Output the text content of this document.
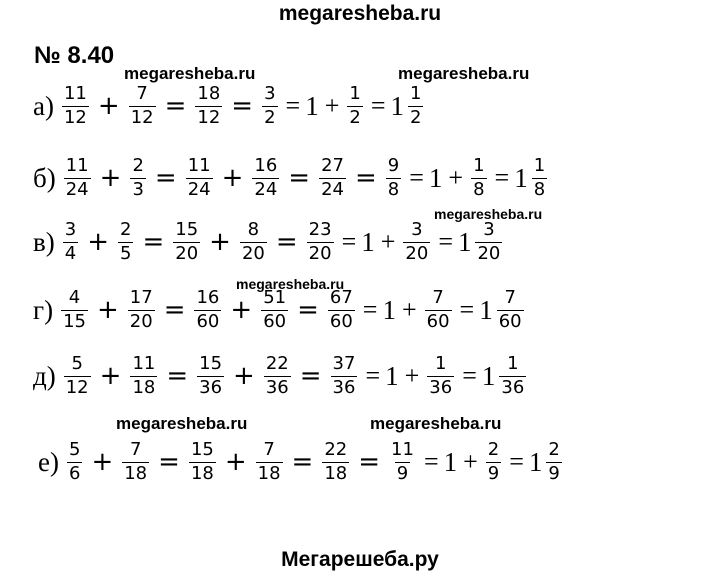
megaresheba.ru
№ 8.40
megaresheba.ru	megaresheba.ru
megaresheba.ru
megaresheba.ru
megaresheba.ru	megaresheba.ru
$а) \frac{11}{12} + \frac{7}{12} = \frac{18}{12} = \frac{3}{2} = 1 + \frac{1}{2} = 1 \frac{1}{2}$
$б) \frac{11}{24} + \frac{2}{3} = \frac{11}{24} + \frac{16}{24} = \frac{27}{24} = \frac{9}{8} = 1 + \frac{1}{8} = 1 \frac{1}{8}$
$в) \frac{3}{4} + \frac{2}{5} = \frac{15}{20} + \frac{8}{20} = \frac{23}{20} = 1 + \frac{3}{20} = 1 \frac{3}{20}$
$г) \frac{4}{15} + \frac{17}{20} = \frac{16}{60} + \frac{51}{60} = \frac{67}{60} = 1 + \frac{7}{60} = 1 \frac{7}{60}$
$д) \frac{5}{12} + \frac{11}{18} = \frac{15}{36} + \frac{22}{36} = \frac{37}{36} = 1 + \frac{1}{36} = 1 \frac{1}{36}$
$е) \frac{5}{6} + \frac{7}{18} = \frac{15}{18} + \frac{7}{18} = \frac{22}{18} = \frac{11}{9} = 1 + \frac{2}{9} = 1 \frac{2}{9}$
Мегарешеба.ру
